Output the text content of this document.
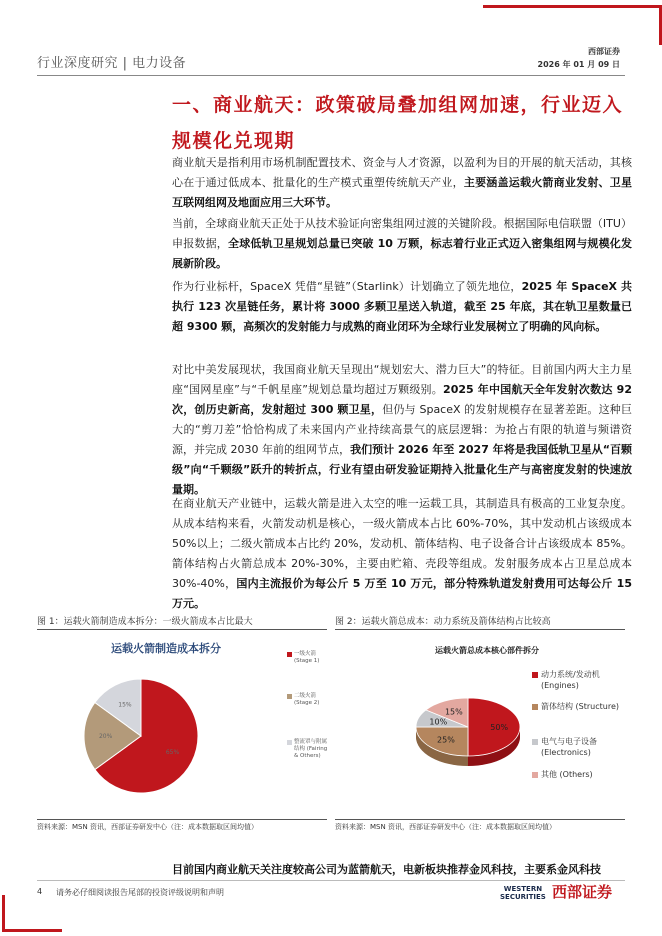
行业深度研究 | 电力设备
西部证券
2026 年 01 月 09 日
一、商业航天：政策破局叠加组网加速，行业迈入规模化兑现期
商业航天是指利用市场机制配置技术、资金与人才资源，以盈利为目的开展的航天活动，其核心在于通过低成本、批量化的生产模式重塑传统航天产业，主要涵盖运载火箭商业发射、卫星互联网组网及地面应用三大环节。
当前，全球商业航天正处于从技术验证向密集组网过渡的关键阶段。根据国际电信联盟（ITU）申报数据，全球低轨卫星规划总量已突破 10 万颗，标志着行业正式迈入密集组网与规模化发展新阶段。
作为行业标杆，SpaceX 凭借“星链”（Starlink）计划确立了领先地位，2025 年 SpaceX 共执行 123 次星链任务，累计将 3000 多颗卫星送入轨道，截至 25 年底，其在轨卫星数量已超 9300 颗，高频次的发射能力与成熟的商业闭环为全球行业发展树立了明确的风向标。
对比中美发展现状，我国商业航天呈现出“规划宏大、潜力巨大”的特征。目前国内两大主力星座“国网星座”与“千帆星座”规划总量均超过万颗级别。2025 年中国航天全年发射次数达 92 次，创历史新高，发射超过 300 颗卫星，但仍与 SpaceX 的发射规模存在显著差距。这种巨大的“剪刀差”恰恰构成了未来国内产业持续高景气的底层逻辑：为抢占有限的轨道与频谱资源，并完成 2030 年前的组网节点，我们预计 2026 年至 2027 年将是我国低轨卫星从“百颗级”向“千颗级”跃升的转折点，行业有望由研发验证期持入批量化生产与高密度发射的快速放量期。
在商业航天产业链中，运载火箭是进入太空的唯一运载工具，其制造具有极高的工业复杂度。从成本结构来看，火箭发动机是核心，一级火箭成本占比 60%-70%，其中发动机占该级成本 50%以上；二级火箭成本占比约 20%，发动机、箭体结构、电子设备合计占该级成本 85%。箭体结构占火箭总成本 20%-30%，主要由贮箱、壳段等组成。发射服务成本占卫星总成本 30%-40%，国内主流报价为每公斤 5 万至 10 万元，部分特殊轨道发射费用可达每公斤 15 万元。
图 1：运载火箭制造成本拆分：一级火箭成本占比最大
运载火箭制造成本拆分
65%
20%
15%
一级火箭 (Stage 1)
二级火箭 (Stage 2)
整流罩与附属结构 (Fairing & Others)
资料来源：MSN 资讯，西部证券研发中心（注：成本数据取区间均值）
图 2：运载火箭总成本：动力系统及箭体结构占比较高
运载火箭总成本核心部件拆分
50%
25%
10%
15%
动力系统/发动机 (Engines)
箭体结构 (Structure)
电气与电子设备 (Electronics)
其他 (Others)
资料来源：MSN 资讯，西部证券研发中心（注：成本数据取区间均值）
目前国内商业航天关注度较高公司为蓝箭航天，电新板块推荐金风科技，主要系金风科技
4 请务必仔细阅读报告尾部的投资评级说明和声明	WESTERN
SECURITIES 西部证券
